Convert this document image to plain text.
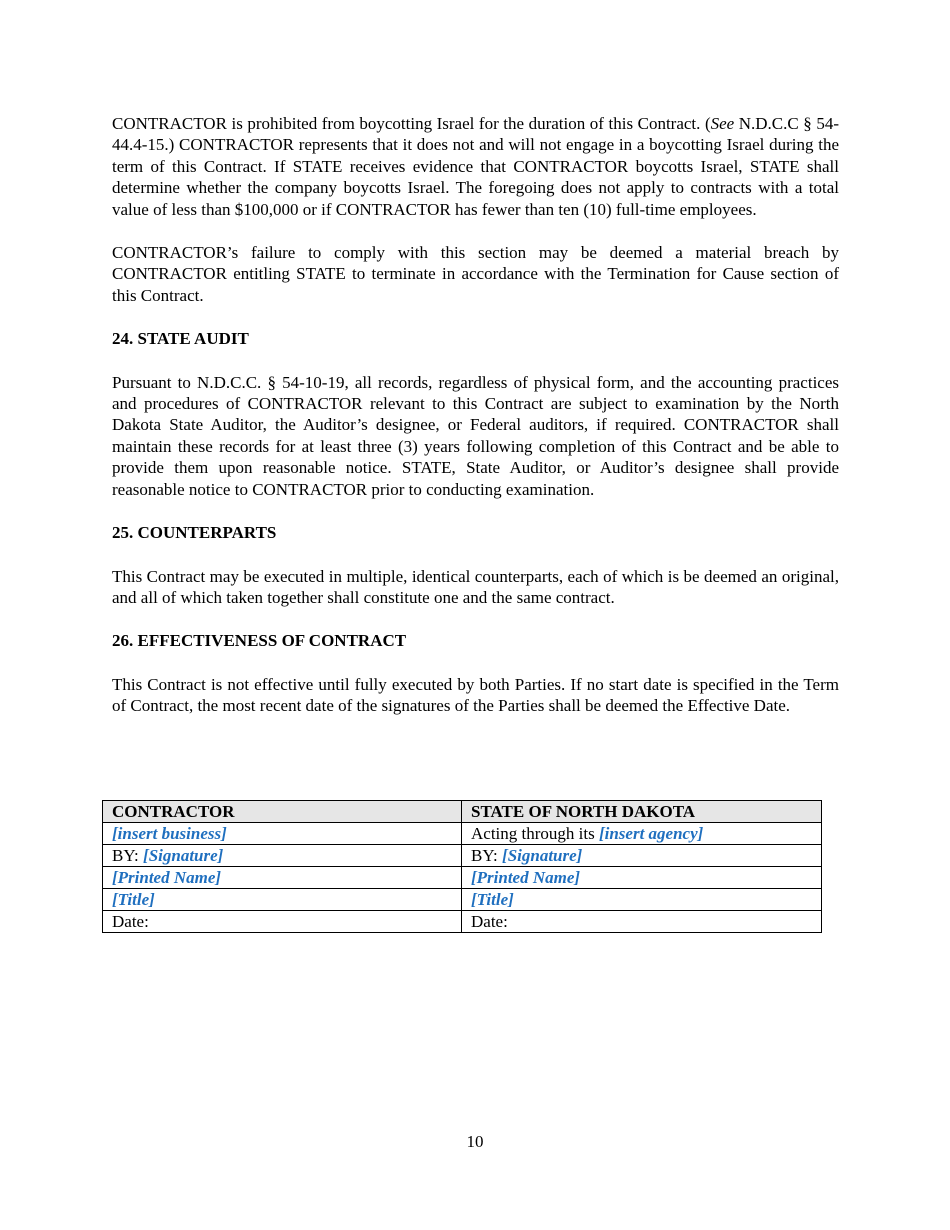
CONTRACTOR is prohibited from boycotting Israel for the duration of this Contract. (See N.D.C.C § 54-44.4-15.) CONTRACTOR represents that it does not and will not engage in a boycotting Israel during the term of this Contract. If STATE receives evidence that CONTRACTOR boycotts Israel, STATE shall determine whether the company boycotts Israel. The foregoing does not apply to contracts with a total value of less than $100,000 or if CONTRACTOR has fewer than ten (10) full-time employees.

CONTRACTOR’s failure to comply with this section may be deemed a material breach by CONTRACTOR entitling STATE to terminate in accordance with the Termination for Cause section of this Contract.

24. STATE AUDIT

Pursuant to N.D.C.C. § 54-10-19, all records, regardless of physical form, and the accounting practices and procedures of CONTRACTOR relevant to this Contract are subject to examination by the North Dakota State Auditor, the Auditor’s designee, or Federal auditors, if required. CONTRACTOR shall maintain these records for at least three (3) years following completion of this Contract and be able to provide them upon reasonable notice. STATE, State Auditor, or Auditor’s designee shall provide reasonable notice to CONTRACTOR prior to conducting examination.

25. COUNTERPARTS

This Contract may be executed in multiple, identical counterparts, each of which is be deemed an original, and all of which taken together shall constitute one and the same contract.

26. EFFECTIVENESS OF CONTRACT

This Contract is not effective until fully executed by both Parties. If no start date is specified in the Term of Contract, the most recent date of the signatures of the Parties shall be deemed the Effective Date.

CONTRACTOR	STATE OF NORTH DAKOTA
[insert business]	Acting through its [insert agency]
BY: [Signature]	BY: [Signature]
[Printed Name]	[Printed Name]
[Title]	[Title]
Date:	Date:
10
